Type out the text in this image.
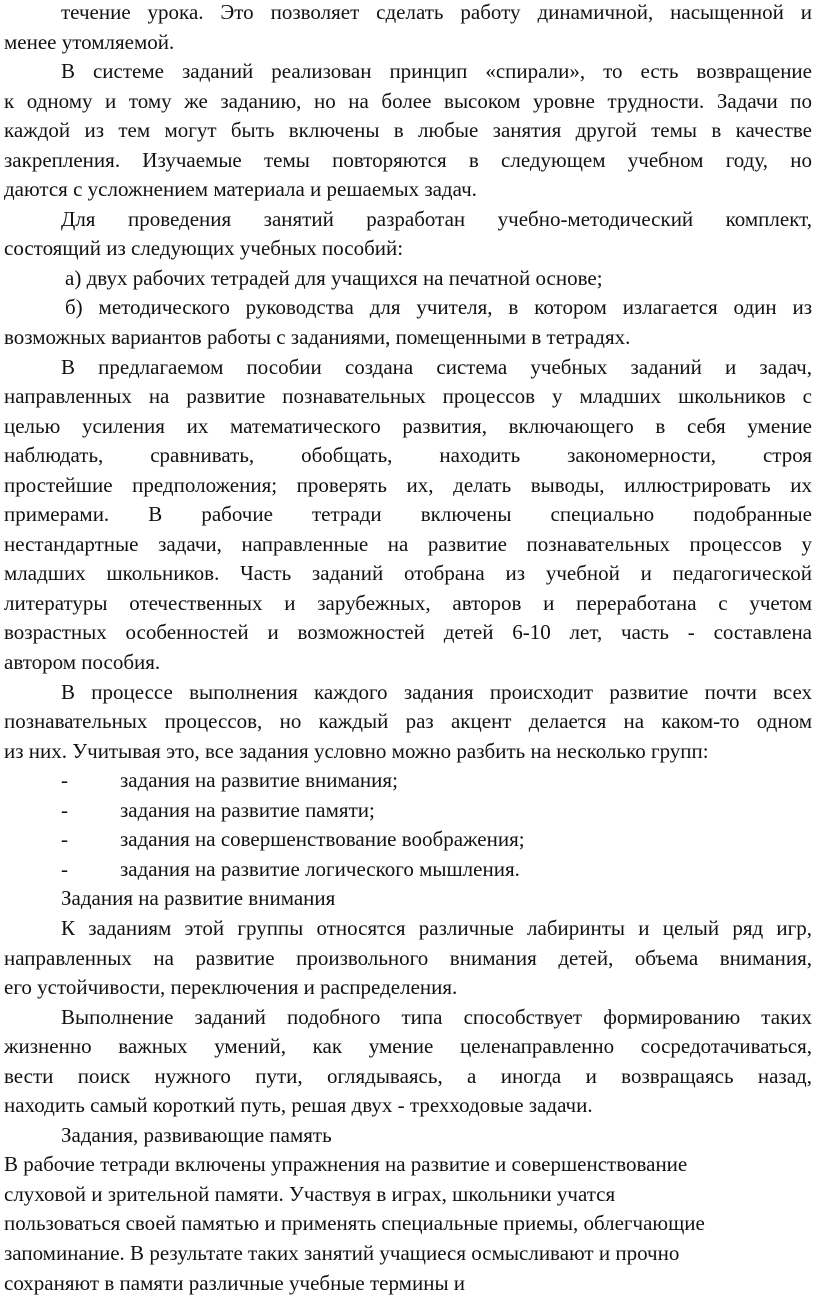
течение урока. Это позволяет сделать работу динамичной, насыщенной и
менее утомляемой.
В системе заданий реализован принцип «спирали», то есть возвращение
к одному и тому же заданию, но на более высоком уровне трудности. Задачи по
каждой из тем могут быть включены в любые занятия другой темы в качестве
закрепления. Изучаемые темы повторяются в следующем учебном году, но
даются с усложнением материала и решаемых задач.
Для проведения занятий разработан учебно-методический комплект,
состоящий из следующих учебных пособий:
а) двух рабочих тетрадей для учащихся на печатной основе;
б) методического руководства для учителя, в котором излагается один из
возможных вариантов работы с заданиями, помещенными в тетрадях.
В предлагаемом пособии создана система учебных заданий и задач,
направленных на развитие познавательных процессов у младших школьников с
целью усиления их математического развития, включающего в себя умение
наблюдать, сравнивать, обобщать, находить закономерности, строя
простейшие предположения; проверять их, делать выводы, иллюстрировать их
примерами. В рабочие тетради включены специально подобранные
нестандартные задачи, направленные на развитие познавательных процессов у
младших школьников. Часть заданий отобрана из учебной и педагогической
литературы отечественных и зарубежных, авторов и переработана с учетом
возрастных особенностей и возможностей детей 6-10 лет, часть - составлена
автором пособия.
В процессе выполнения каждого задания происходит развитие почти всех
познавательных процессов, но каждый раз акцент делается на каком-то одном
из них. Учитывая это, все задания условно можно разбить на несколько групп:
- задания на развитие внимания;
- задания на развитие памяти;
- задания на совершенствование воображения;
- задания на развитие логического мышления.
Задания на развитие внимания
К заданиям этой группы относятся различные лабиринты и целый ряд игр,
направленных на развитие произвольного внимания детей, объема внимания,
его устойчивости, переключения и распределения.
Выполнение заданий подобного типа способствует формированию таких
жизненно важных умений, как умение целенаправленно сосредотачиваться,
вести поиск нужного пути, оглядываясь, а иногда и возвращаясь назад,
находить самый короткий путь, решая двух - трехходовые задачи.
Задания, развивающие память
В рабочие тетради включены упражнения на развитие и совершенствование
слуховой и зрительной памяти. Участвуя в играх, школьники учатся
пользоваться своей памятью и применять специальные приемы, облегчающие
запоминание. В результате таких занятий учащиеся осмысливают и прочно
сохраняют в памяти различные учебные термины и
